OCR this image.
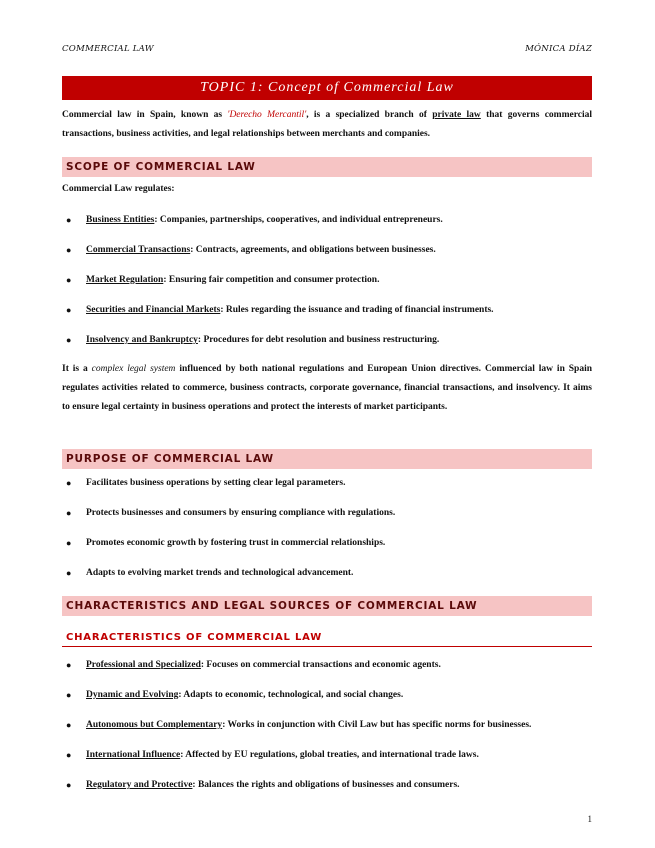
COMMERCIAL LAW	MÓNICA DÍAZ
TOPIC 1: Concept of Commercial Law

Commercial law in Spain, known as 'Derecho Mercantil', is a specialized branch of private law that governs commercial transactions, business activities, and legal relationships between merchants and companies.

SCOPE OF COMMERCIAL LAW

Commercial Law regulates:

● Business Entities: Companies, partnerships, cooperatives, and individual entrepreneurs.
● Commercial Transactions: Contracts, agreements, and obligations between businesses.
● Market Regulation: Ensuring fair competition and consumer protection.
● Securities and Financial Markets: Rules regarding the issuance and trading of financial instruments.
● Insolvency and Bankruptcy: Procedures for debt resolution and business restructuring.

It is a complex legal system influenced by both national regulations and European Union directives. Commercial law in Spain regulates activities related to commerce, business contracts, corporate governance, financial transactions, and insolvency. It aims to ensure legal certainty in business operations and protect the interests of market participants.

PURPOSE OF COMMERCIAL LAW
● Facilitates business operations by setting clear legal parameters.
● Protects businesses and consumers by ensuring compliance with regulations.
● Promotes economic growth by fostering trust in commercial relationships.
● Adapts to evolving market trends and technological advancement.
CHARACTERISTICS AND LEGAL SOURCES OF COMMERCIAL LAW
CHARACTERISTICS OF COMMERCIAL LAW
● Professional and Specialized: Focuses on commercial transactions and economic agents.
● Dynamic and Evolving: Adapts to economic, technological, and social changes.
● Autonomous but Complementary: Works in conjunction with Civil Law but has specific norms for businesses.
● International Influence: Affected by EU regulations, global treaties, and international trade laws.
● Regulatory and Protective: Balances the rights and obligations of businesses and consumers.
1
